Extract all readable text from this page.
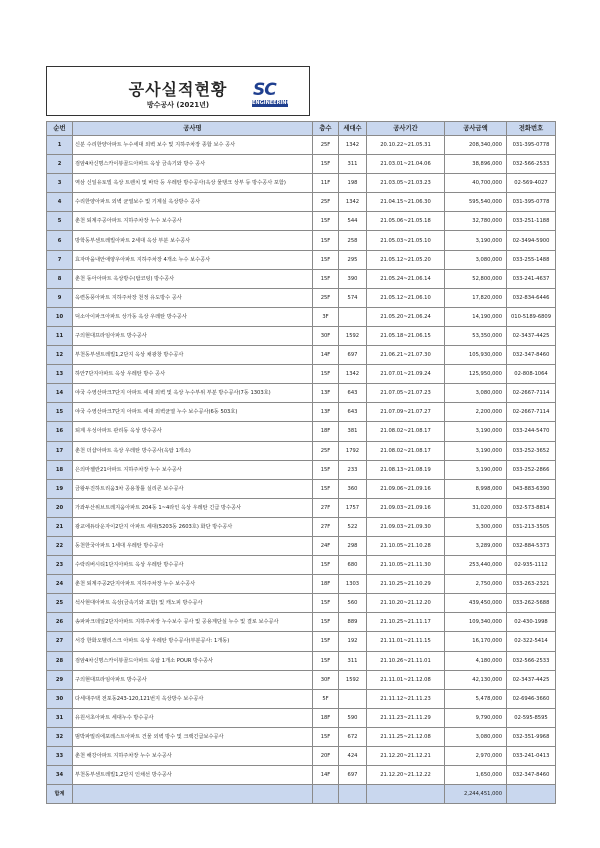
공사실적현황
방수공사 (2021년)
SC
ENGINEERING
순번	공사명	층수	세대수	공사기간	공사금액	전화번호
1	신분 수리한양아파트 누수세대 외벽 보수 및 지하주차장 종합 보수 공사	25F	1342	20.10.22~21.05.31	208,340,000	031-395-0778
2	검암4차신명스카이뷰골드아파트 옥상 금속기와 방수 공사	15F	311	21.03.01~21.04.06	38,896,000	032-566-2533
3	역삼 신일유토빌 옥상 트렌치 및 바닥 등 우레탄 방수공사(옥상 물탱크 상부 등 방수공사 포함)	11F	198	21.03.05~21.03.23	40,700,000	02-569-4027
4	수리한양아파트 외벽 균열보수 및 기계실 옥상방수 공사	25F	1342	21.04.15~21.06.30	595,540,000	031-395-0778
5	춘천 퇴계주공아파트 지하주차장 누수 보수공사	15F	544	21.05.06~21.05.18	32,780,000	033-251-1188
6	방학동부센트레빌아파트 2세대 옥상 부분 보수공사	15F	258	21.05.03~21.05.10	3,190,000	02-3494-5900
7	효자마을내안애양우아파트 지하주차장 4개소 누수 보수공사	15F	295	21.05.12~21.05.20	3,080,000	033-255-1488
8	춘천 동아아파트 옥상방수(탑코팅) 방수공사	15F	390	21.05.24~21.06.14	52,800,000	033-241-4637
9	옥련동풍아파트 지하주차장 천정 유도방수 공사	25F	574	21.05.12~21.06.10	17,820,000	032-834-6446
10	덕소아이파크아파트 상가동 옥상 우레탄 방수공사	3F		21.05.20~21.06.24	14,190,000	010-5189-6809
11	구의현대프라임아파트 방수공사	30F	1592	21.05.18~21.06.15	53,350,000	02-3437-4425
12	부천동부센트레빌1,2단지 옥상 채광창 방수공사	14F	697	21.06.21~21.07.30	105,930,000	032-347-8460
13	하안7단지아파트 옥상 우레탄 방수 공사	15F	1342	21.07.01~21.09.24	125,950,000	02-808-1064
14	야국 수영산파크7단지 아파트 세대 외벽 및 옥상 누수부위 부분 방수공사(7동 1303호)	13F	643	21.07.05~21.07.23	3,080,000	02-2667-7114
15	야국 수영산파크7단지 아파트 세대 외벽균열 누수 보수공사(6동 503호)	13F	643	21.07.09~21.07.27	2,200,000	02-2667-7114
16	퇴계 우성아파트 관리동 옥상 방수공사	18F	381	21.08.02~21.08.17	3,190,000	033-244-5470
17	춘천 더샵아파트 옥상 우레탄 방수공사(옥탑 1개소)	25F	1792	21.08.02~21.08.17	3,190,000	033-252-3652
18	은의마젤란21아파트 지하주차장 누수 보수공사	15F	233	21.08.13~21.08.19	3,190,000	033-252-2866
19	금왕두진하트리움3차 공용창틀 실리콘 보수공사	15F	360	21.09.06~21.09.16	8,998,000	043-883-6390
20	가좌두산위브트레지움아파트 204동 1~4라인 옥상 우레탄 긴급 방수공사	27F	1757	21.09.03~21.09.16	31,020,000	032-573-8814
21	광교에듀타운자이2단지 아파트 세대(5203동 2603호) 화단 방수공사	27F	522	21.09.03~21.09.30	3,300,000	031-213-3505
22	동천한국아파트 1세대 우레탄 방수공사	24F	298	21.10.05~21.10.28	3,289,000	032-884-5373
23	수락리버시티1단지아파트 옥상 우레탄 방수공사	15F	680	21.10.05~21.11.30	253,440,000	02-935-1112
24	춘천 퇴계주공2단지아파트 지하주차장 누수 보수공사	18F	1303	21.10.25~21.10.29	2,750,000	033-263-2321
25	석사현대아파트 옥상(금속기와 포함) 및 캐노피 방수공사	15F	560	21.10.20~21.12.20	439,450,000	033-262-5688
26	송파파크데일2단지아파트 지하주차장 누수보수 공사 및 공용계단실 누수 및 결로 보수공사	15F	889	21.10.25~21.11.17	109,340,000	02-430-1998
27	서강 한화오벨리스크 아파트 옥상 우레탄 방수공사(부분공사: 1개동)	15F	192	21.11.01~21.11.15	16,170,000	02-322-5414
28	검암4차신명스카이뷰골드아파트 옥탑 1개소 POUR 방수공사	15F	311	21.10.26~21.11.01	4,180,000	032-566-2533
29	구의현대프라임아파트 방수공사	30F	1592	21.11.01~21.12.08	42,130,000	02-3437-4425
30	다세대주택 전포동243-120,121번지 옥상방수 보수공사	5F		21.11.12~21.11.23	5,478,000	02-6946-3660
31	유원서초아파트 세대누수 방수공사	18F	590	21.11.23~21.11.29	9,790,000	02-595-8595
32	범박파밀리에포레스트아파트 건물 외벽 방수 및 크랙긴급보수공사	15F	672	21.11.25~21.12.08	3,080,000	032-351-9968
33	춘천 해강아파트 지하주차장 누수 보수공사	20F	424	21.12.20~21.12.21	2,970,000	033-241-0413
34	부천동부센트레빌1,2단지 인채선 방수공사	14F	697	21.12.20~21.12.22	1,650,000	032-347-8460
합계					2,244,451,000	
